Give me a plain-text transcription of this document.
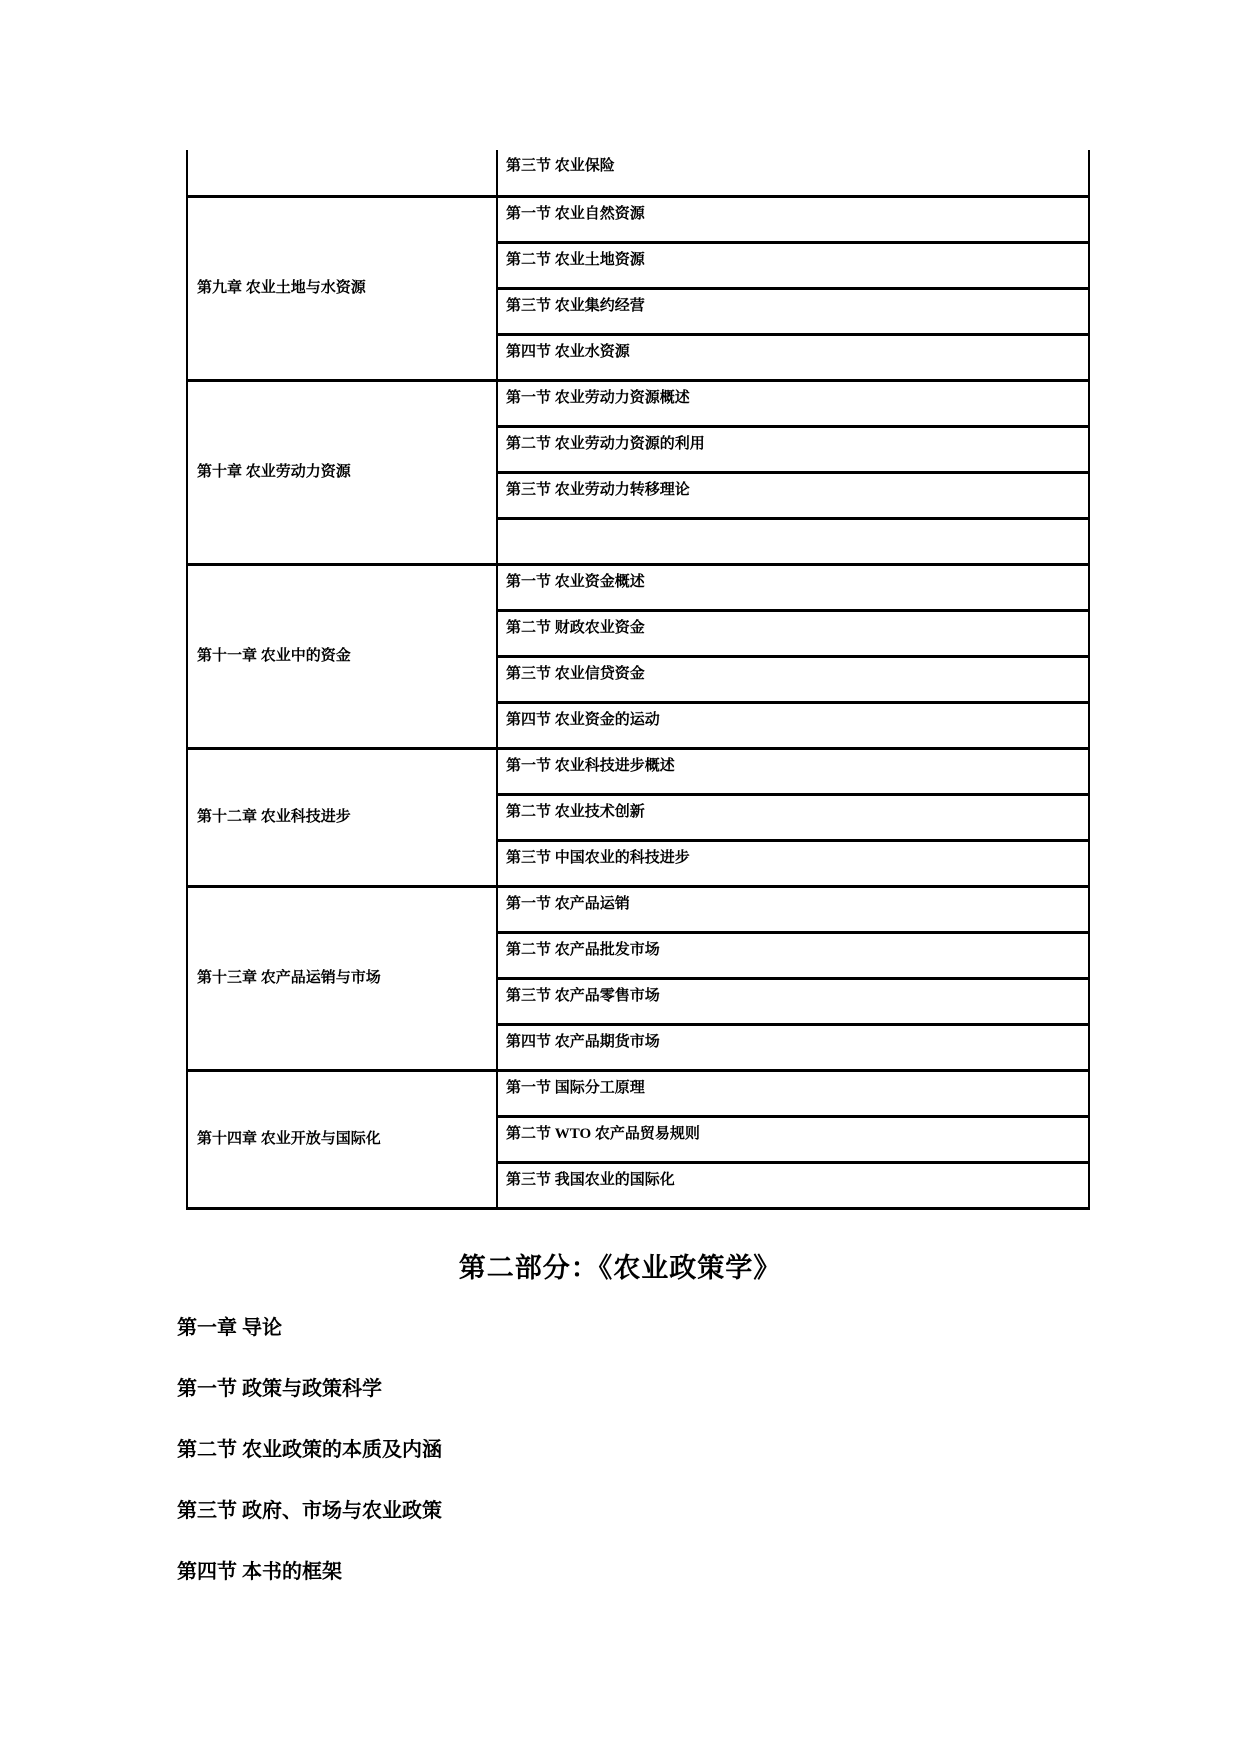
	第三节 农业保险
第九章 农业土地与水资源	第一节 农业自然资源
	第二节 农业土地资源
	第三节 农业集约经营
	第四节 农业水资源
第十章 农业劳动力资源	第一节 农业劳动力资源概述
	第二节 农业劳动力资源的利用
	第三节 农业劳动力转移理论

第十一章 农业中的资金	第一节 农业资金概述
	第二节 财政农业资金
	第三节 农业信贷资金
	第四节 农业资金的运动
第十二章 农业科技进步	第一节 农业科技进步概述
	第二节 农业技术创新
	第三节 中国农业的科技进步
第十三章 农产品运销与市场	第一节 农产品运销
	第二节 农产品批发市场
	第三节 农产品零售市场
	第四节 农产品期货市场
第十四章 农业开放与国际化	第一节 国际分工原理
	第二节 WTO 农产品贸易规则
	第三节 我国农业的国际化
第二部分：《农业政策学》
第一章 导论
第一节 政策与政策科学
第二节 农业政策的本质及内涵
第三节 政府、市场与农业政策
第四节 本书的框架
